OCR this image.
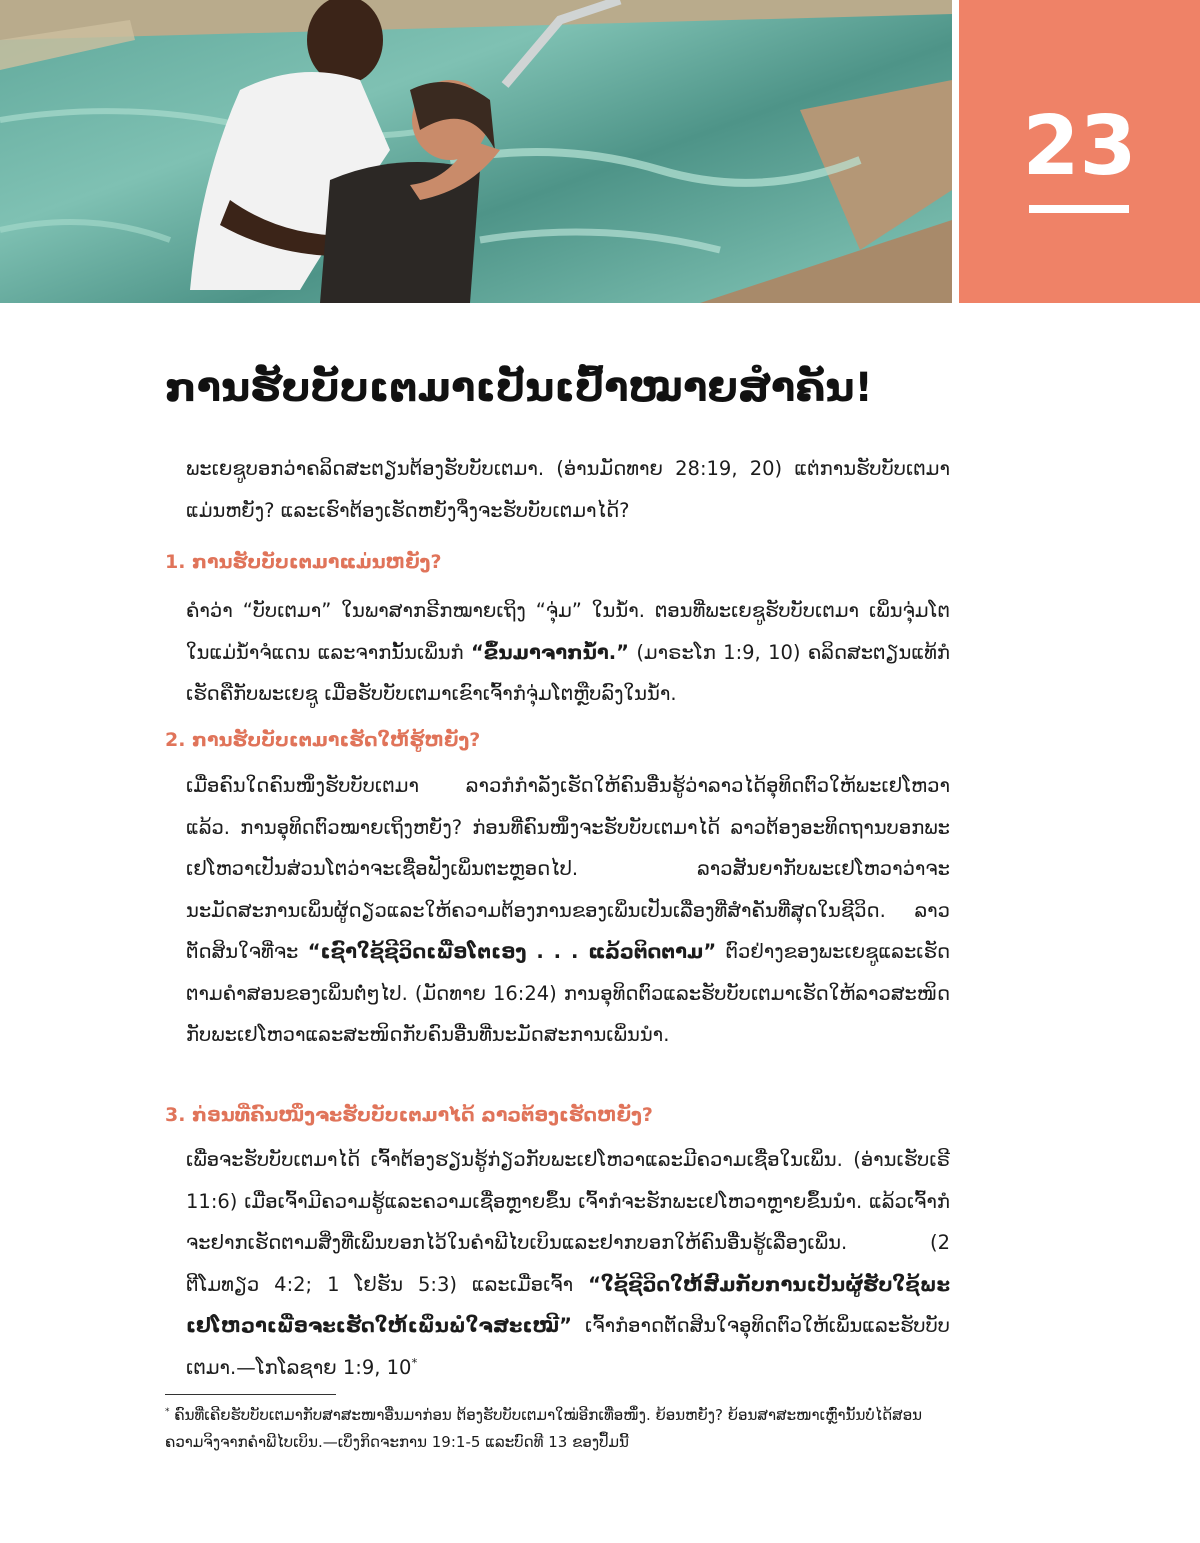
23
ການຮັບບັບເຕມາເປັນເປົ້າໝາຍສຳຄັນ!
ພະເຍຊູບອກວ່າຄລິດສະຕຽນຕ້ອງຮັບບັບເຕມາ. (ອ່ານມັດທາຍ 28:19, 20) ແຕ່ການຮັບບັບເຕມາແມ່ນຫຍັງ? ແລະເຮົາຕ້ອງເຮັດຫຍັງຈຶ່ງຈະຮັບບັບເຕມາໄດ້?
1. ການຮັບບັບເຕມາແມ່ນຫຍັງ?
ຄຳວ່າ “ບັບເຕມາ” ໃນພາສາກຣີກໝາຍເຖິງ “ຈຸ່ມ” ໃນນ້ຳ. ຕອນທີ່ພະເຍຊູຮັບບັບເຕມາ ເພິ່ນຈຸ່ມໂຕໃນແມ່ນ້ຳຈໍແດນ ແລະຈາກນັ້ນເພິ່ນກໍ “ຂຶ້ນມາຈາກນ້ຳ.” (ມາຣະໂກ 1:9, 10) ຄລິດສະຕຽນແທ້ກໍເຮັດຄືກັບພະເຍຊູ ເມື່ອຮັບບັບເຕມາເຂົາເຈົ້າກໍຈຸ່ມໂຕຫຼືບລົງໃນນ້ຳ.
2. ການຮັບບັບເຕມາເຮັດໃຫ້ຮູ້ຫຍັງ?
ເມື່ອຄົນໃດຄົນໜຶ່ງຮັບບັບເຕມາ ລາວກໍກຳລັງເຮັດໃຫ້ຄົນອື່ນຮູ້ວ່າລາວໄດ້ອຸທິດຕົວໃຫ້ພະເຢໂຫວາແລ້ວ. ການອຸທິດຕົວໝາຍເຖິງຫຍັງ? ກ່ອນທີ່ຄົນໜຶ່ງຈະຮັບບັບເຕມາໄດ້ ລາວຕ້ອງອະທິດຖານບອກພະເຢໂຫວາເປັນສ່ວນໂຕວ່າຈະເຊື່ອຟັງເພິ່ນຕະຫຼອດໄປ. ລາວສັນຍາກັບພະເຢໂຫວາວ່າຈະນະມັດສະການເພິ່ນຜູ້ດຽວແລະໃຫ້ຄວາມຕ້ອງການຂອງເພິ່ນເປັນເລື່ອງທີ່ສຳຄັນທີ່ສຸດໃນຊີວິດ. ລາວຕັດສິນໃຈທີ່ຈະ “ເຊົາໃຊ້ຊີວິດເພື່ອໂຕເອງ . . . ແລ້ວຕິດຕາມ” ຕົວຢ່າງຂອງພະເຍຊູແລະເຮັດຕາມຄຳສອນຂອງເພິ່ນຕໍ່ໆໄປ. (ມັດທາຍ 16:24) ການອຸທິດຕົວແລະຮັບບັບເຕມາເຮັດໃຫ້ລາວສະໜິດກັບພະເຢໂຫວາແລະສະໜິດກັບຄົນອື່ນທີ່ນະມັດສະການເພິ່ນນຳ.
3. ກ່ອນທີ່ຄົນໜຶ່ງຈະຮັບບັບເຕມາໄດ້ ລາວຕ້ອງເຮັດຫຍັງ?
ເພື່ອຈະຮັບບັບເຕມາໄດ້ ເຈົ້າຕ້ອງຮຽນຮູ້ກ່ຽວກັບພະເຢໂຫວາແລະມີຄວາມເຊື່ອໃນເພິ່ນ. (ອ່ານເຮັບເຣີ 11:6) ເມື່ອເຈົ້າມີຄວາມຮູ້ແລະຄວາມເຊື່ອຫຼາຍຂຶ້ນ ເຈົ້າກໍຈະຮັກພະເຢໂຫວາຫຼາຍຂຶ້ນນຳ. ແລ້ວເຈົ້າກໍຈະຢາກເຮັດຕາມສິ່ງທີ່ເພິ່ນບອກໄວ້ໃນຄຳພີໄບເບິນແລະຢາກບອກໃຫ້ຄົນອື່ນຮູ້ເລື່ອງເພິ່ນ. (2 ຕີໂມທຽວ 4:2; 1 ໂຢຮັນ 5:3) ແລະເມື່ອເຈົ້າ “ໃຊ້ຊີວິດໃຫ້ສົມກັບການເປັນຜູ້ຮັບໃຊ້ພະເຢໂຫວາເພື່ອຈະເຮັດໃຫ້ເພິ່ນພໍໃຈສະເໝີ” ເຈົ້າກໍອາດຕັດສິນໃຈອຸທິດຕົວໃຫ້ເພິ່ນແລະຮັບບັບເຕມາ.—ໂກໂລຊາຍ 1:9, 10*
* ຄົນທີ່ເຄີຍຮັບບັບເຕມາກັບສາສະໜາອື່ນມາກ່ອນ ຕ້ອງຮັບບັບເຕມາໃໝ່ອີກເທື່ອໜຶ່ງ. ຍ້ອນຫຍັງ? ຍ້ອນສາສະໜາເຫຼົ່ານັ້ນບໍ່ໄດ້ສອນຄວາມຈິງຈາກຄຳພີໄບເບິນ.—ເບິ່ງກິດຈະການ 19:1-5 ແລະບົດທີ 13 ຂອງປຶ້ມນີ້
